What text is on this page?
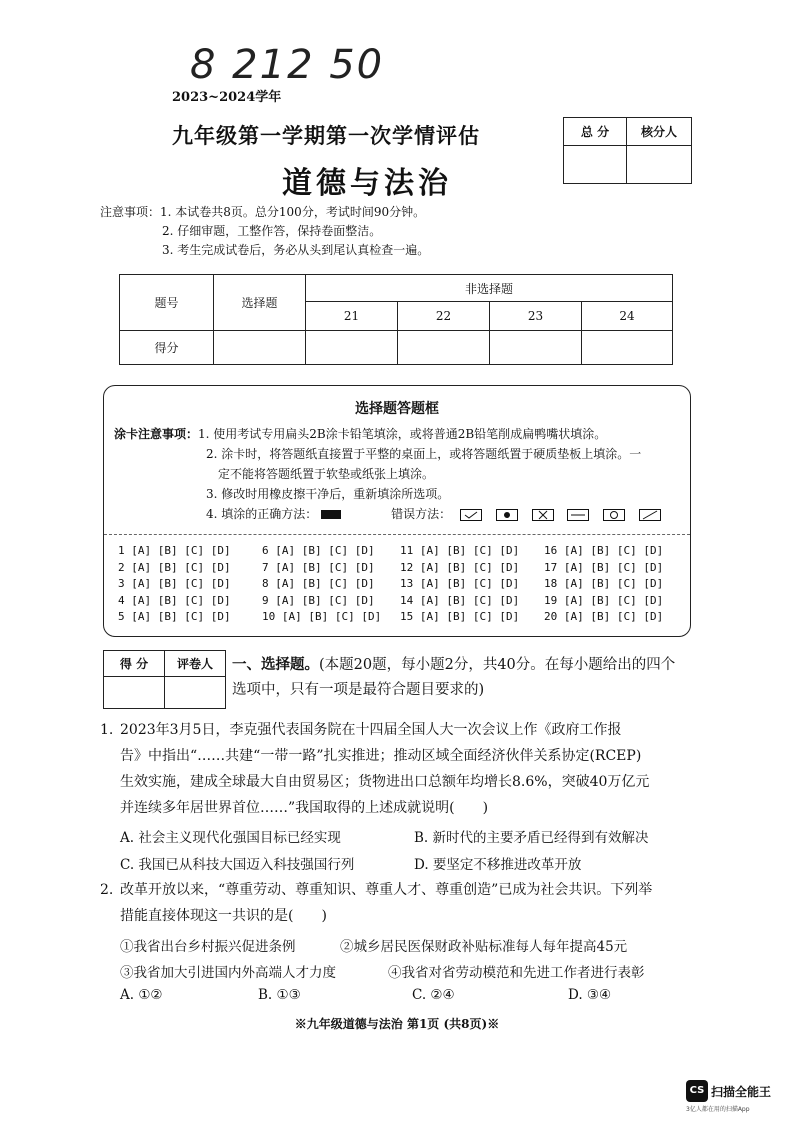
8 212 50
2023~2024学年
九年级第一学期第一次学情评估
道德与法治
总 分	核分人

注意事项：1. 本试卷共8页。总分100分，考试时间90分钟。
2. 仔细审题，工整作答，保持卷面整洁。
3. 考生完成试卷后，务必从头到尾认真检查一遍。
题号	选择题	非选择题			
		21	22	23	24
得分					
选择题答题框
涂卡注意事项：1. 使用考试专用扁头2B涂卡铅笔填涂，或将普通2B铅笔削成扁鸭嘴状填涂。
2. 涂卡时，将答题纸直接置于平整的桌面上，或将答题纸置于硬质垫板上填涂。一
定不能将答题纸置于软垫或纸张上填涂。
3. 修改时用橡皮擦干净后，重新填涂所选项。
4. 填涂的正确方法：	错误方法：

1 [A] [B] [C] [D]
2 [A] [B] [C] [D]
3 [A] [B] [C] [D]
4 [A] [B] [C] [D]
5 [A] [B] [C] [D]
6 [A] [B] [C] [D]
7 [A] [B] [C] [D]
8 [A] [B] [C] [D]
9 [A] [B] [C] [D]
10 [A] [B] [C] [D]
11 [A] [B] [C] [D]
12 [A] [B] [C] [D]
13 [A] [B] [C] [D]
14 [A] [B] [C] [D]
15 [A] [B] [C] [D]
16 [A] [B] [C] [D]
17 [A] [B] [C] [D]
18 [A] [B] [C] [D]
19 [A] [B] [C] [D]
20 [A] [B] [C] [D]
得 分	评卷人
	一、选择题。(本题20题，每小题2分，共40分。在每小题给出的四个选项中，只有一项是最符合题目要求的)
1. 2023年3月5日，李克强代表国务院在十四届全国人大一次会议上作《政府工作报
告》中指出“……共建“一带一路”扎实推进；推动区域全面经济伙伴关系协定(RCEP)
生效实施，建成全球最大自由贸易区；货物进出口总额年均增长8.6%，突破40万亿元
并连续多年居世界首位……”我国取得的上述成就说明(　　)
A. 社会主义现代化强国目标已经实现	B. 新时代的主要矛盾已经得到有效解决
C. 我国已从科技大国迈入科技强国行列	D. 要坚定不移推进改革开放
2. 改革开放以来，“尊重劳动、尊重知识、尊重人才、尊重创造”已成为社会共识。下列举
措能直接体现这一共识的是(　　)
①我省出台乡村振兴促进条例	②城乡居民医保财政补贴标准每人每年提高45元
③我省加大引进国内外高端人才力度	④我省对省劳动模范和先进工作者进行表彰
A. ①②	B. ①③	C. ②④	D. ③④
※九年级道德与法治 第1页 (共8页)※
CS 扫描全能王
3亿人都在用的扫描App
